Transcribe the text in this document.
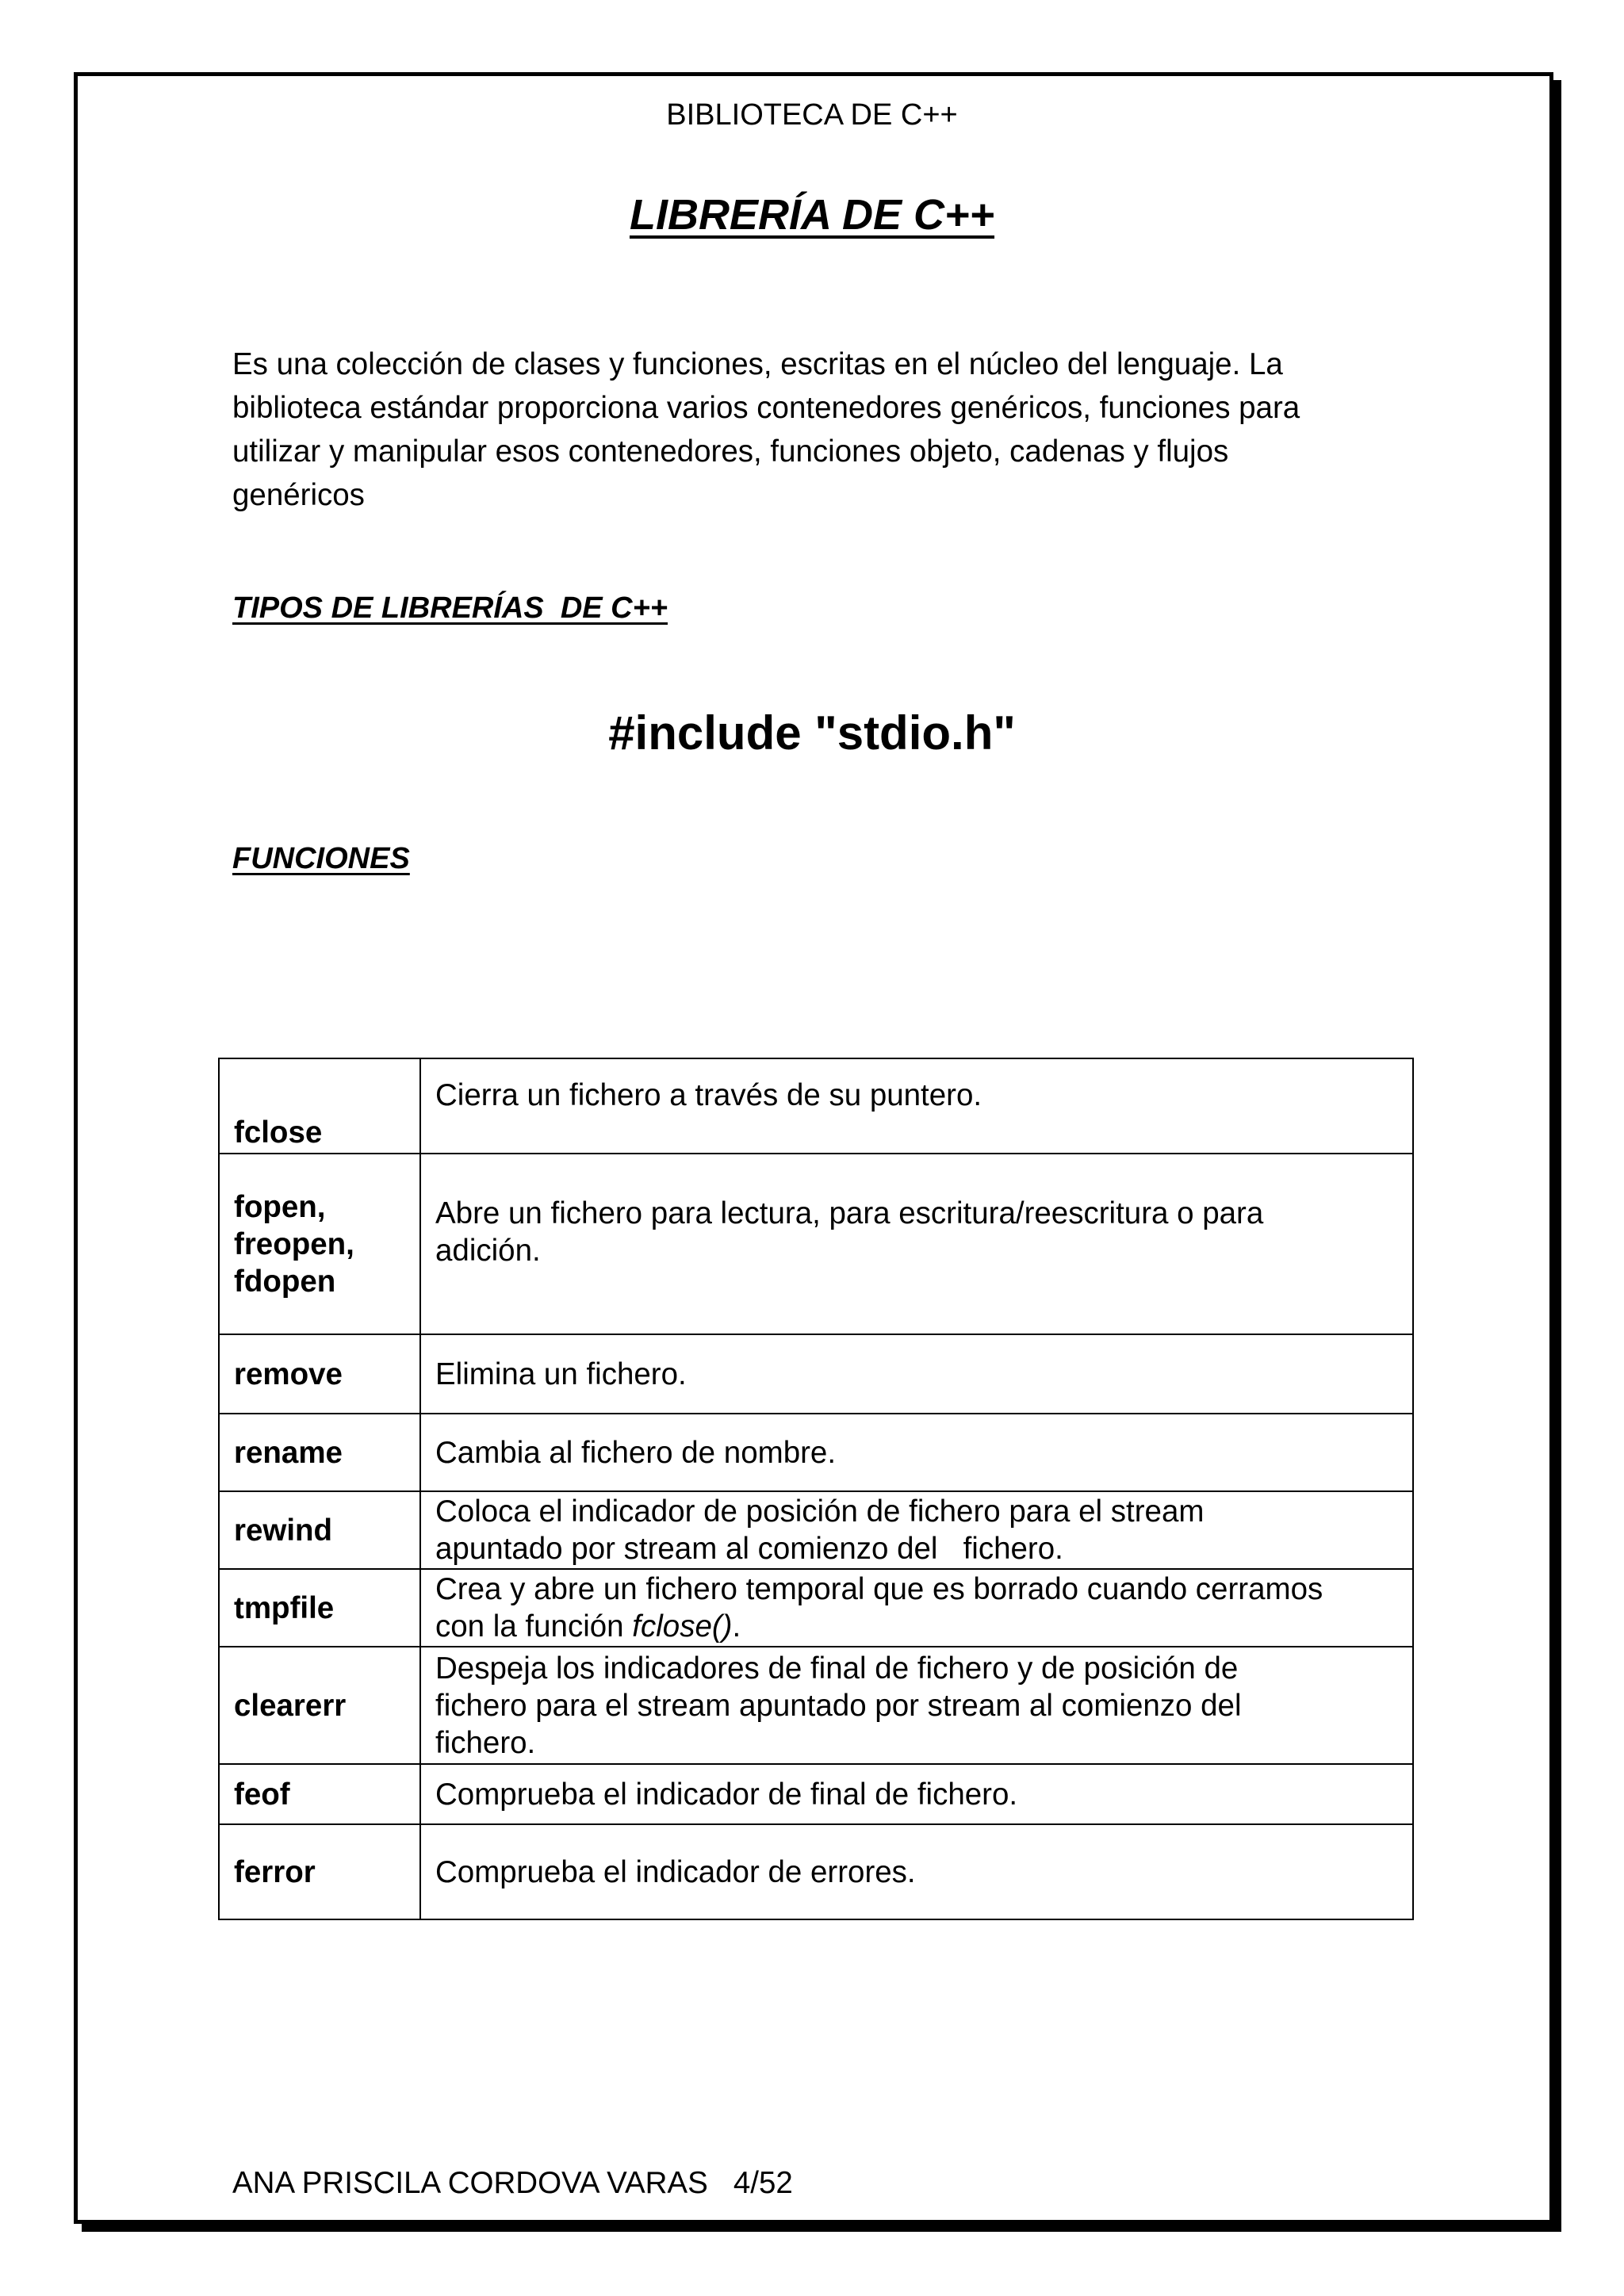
BIBLIOTECA DE C++
LIBRERÍA DE C++

Es una colección de clases y funciones, escritas en el núcleo del lenguaje. La
biblioteca estándar proporciona varios contenedores genéricos, funciones para
utilizar y manipular esos contenedores, funciones objeto, cadenas y flujos
genéricos

TIPOS DE LIBRERÍAS  DE C++
#include "stdio.h"
FUNCIONES
fclose	Cierra un fichero a través de su puntero.
fopen,
freopen,
fdopen	Abre un fichero para lectura, para escritura/reescritura o para
adición.
remove	Elimina un fichero.
rename	Cambia al fichero de nombre.
rewind	Coloca el indicador de posición de fichero para el stream
apuntado por stream al comienzo del   fichero.
tmpfile	Crea y abre un fichero temporal que es borrado cuando cerramos
con la función fclose().
clearerr	Despeja los indicadores de final de fichero y de posición de
fichero para el stream apuntado por stream al comienzo del
fichero.
feof	Comprueba el indicador de final de fichero.
ferror	Comprueba el indicador de errores.
ANA PRISCILA CORDOVA VARAS 4/52
